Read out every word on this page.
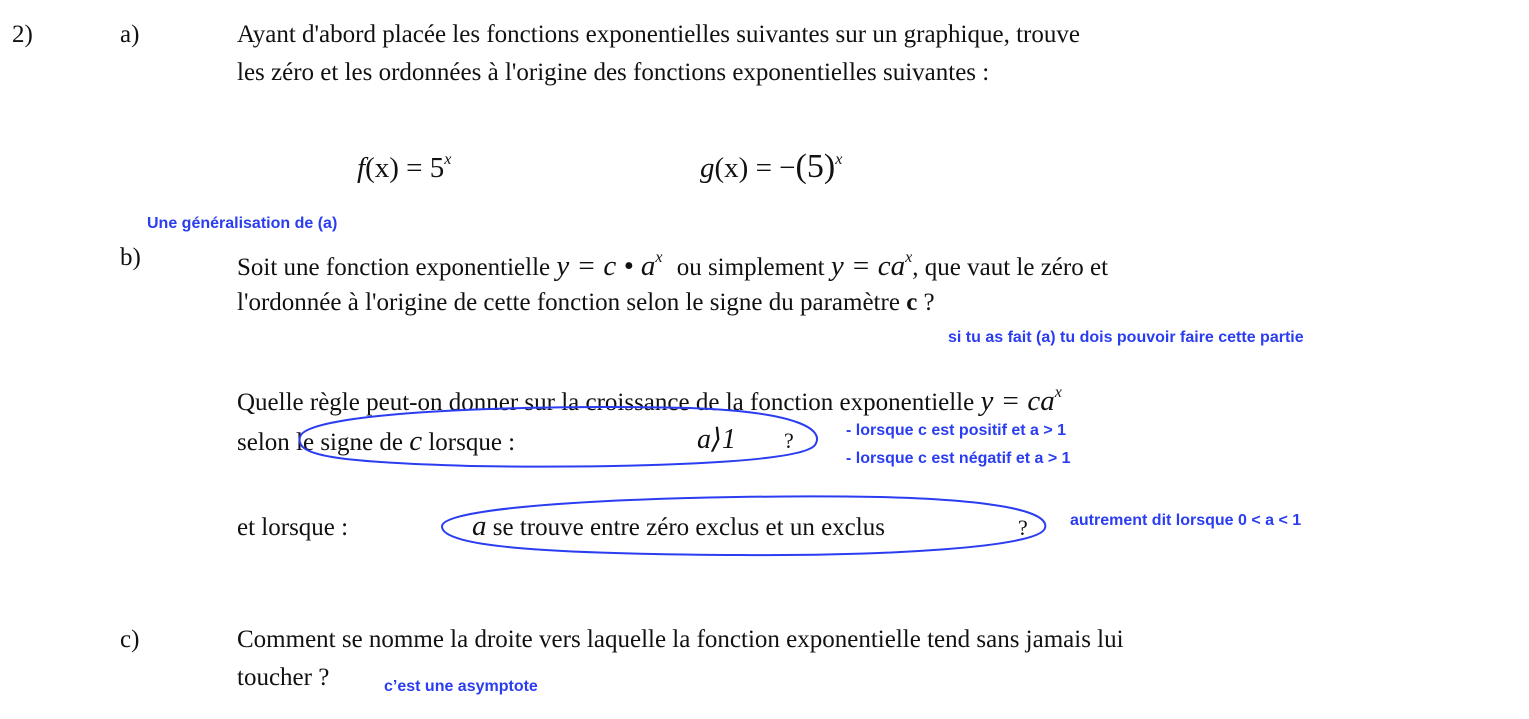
2)	a)	Ayant d'abord placée les fonctions exponentielles suivantes sur un graphique, trouve
les zéro et les ordonnées à l'origine des fonctions exponentielles suivantes :
$f(x) = 5^x$	$g(x) = -(5)^x$
Une généralisation de (a)
b)	Soit une fonction exponentielle y = c • $a^x$ ou simplement $y = ca^x$, que vaut le zéro et
l'ordonnée à l'origine de cette fonction selon le signe du paramètre c ?
si tu as fait (a) tu dois pouvoir faire cette partie
Quelle règle peut-on donner sur la croissance de la fonction exponentielle $y = ca^x$
selon le signe de c lorsque :	a⟩1 ?	- lorsque c est positif et a > 1
- lorsque c est négatif et a > 1
et lorsque :	a se trouve entre zéro exclus et un exclus	?	autrement dit lorsque 0 < a < 1
c)	Comment se nomme la droite vers laquelle la fonction exponentielle tend sans jamais lui
toucher ?	c’est une asymptote
